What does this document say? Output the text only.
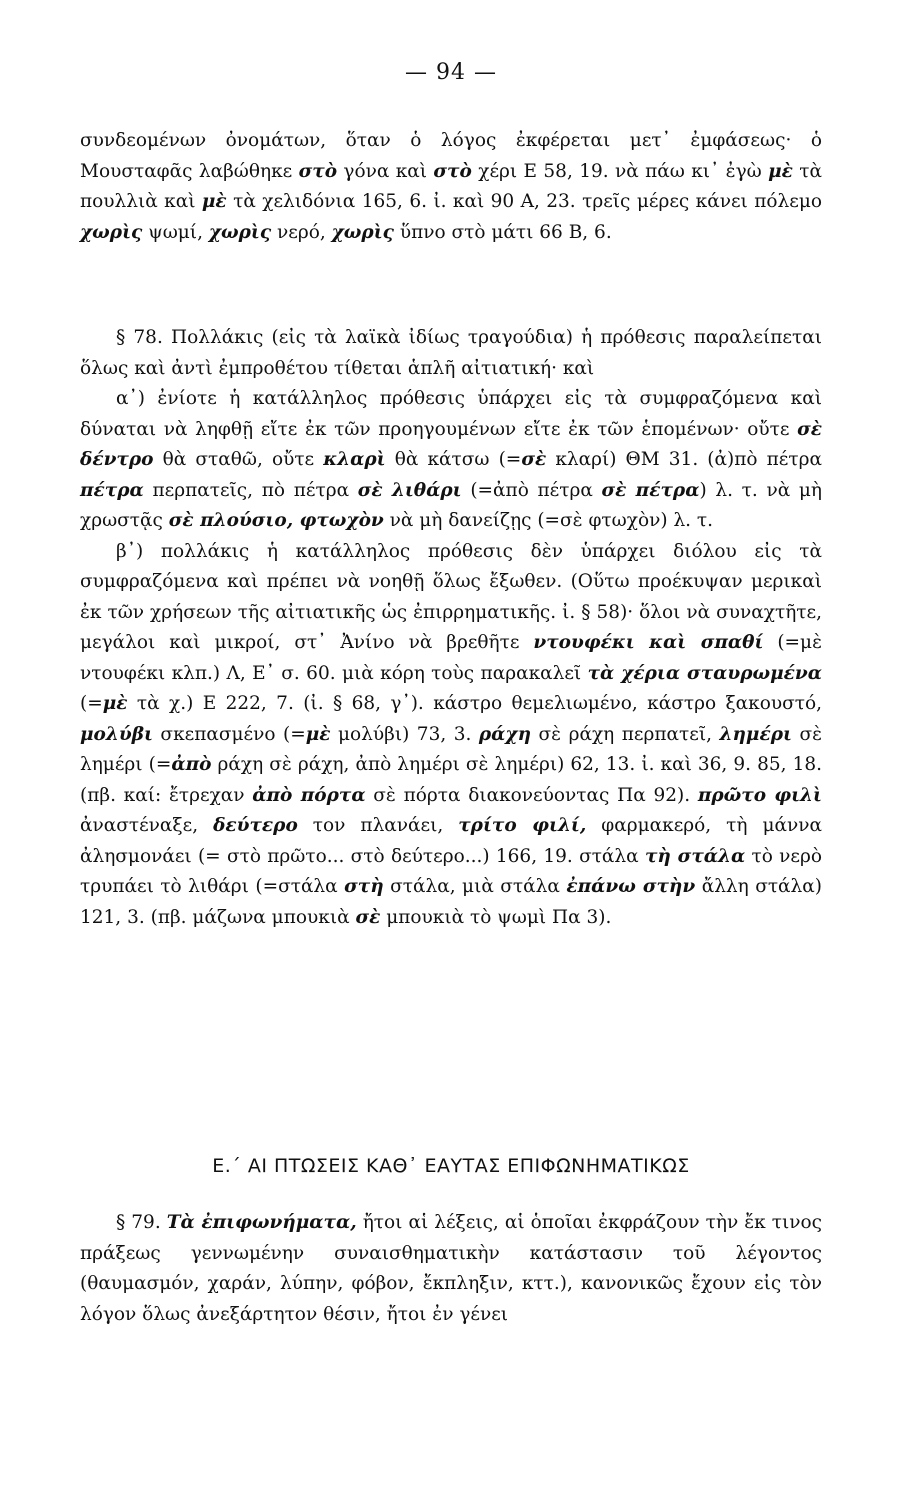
— 94 —

συνδεομένων ὀνομάτων, ὅταν ὁ λόγος ἐκφέρεται μετ᾽ ἐμφάσεως· ὁ Μουσταφᾶς λαβώθηκε στὸ γόνα καὶ στὸ χέρι Ε 58, 19. νὰ πάω κι᾽ ἐγὼ μὲ τὰ πουλλιὰ καὶ μὲ τὰ χελιδόνια 165, 6. ἰ. καὶ 90 Α, 23. τρεῖς μέρες κάνει πόλεμο χωρὶς ψωμί, χωρὶς νερό, χωρὶς ὕπνο στὸ μάτι 66 Β, 6.

§ 78. Πολλάκις (εἰς τὰ λαϊκὰ ἰδίως τραγούδια) ἡ πρόθεσις παραλείπεται ὅλως καὶ ἀντὶ ἐμπροθέτου τίθεται ἁπλῆ αἰτιατική· καὶ

α᾽) ἐνίοτε ἡ κατάλληλος πρόθεσις ὑπάρχει εἰς τὰ συμφραζόμενα καὶ δύναται νὰ ληφθῇ εἴτε ἐκ τῶν προηγουμένων εἴτε ἐκ τῶν ἑπομένων· οὔτε σὲ δέντρο θὰ σταθῶ, οὔτε κλαρὶ θὰ κάτσω (=σὲ κλαρί) ΘΜ 31. (ἀ)πὸ πέτρα πέτρα περπατεῖς, πὸ πέτρα σὲ λιθάρι (=ἀπὸ πέτρα σὲ πέτρα) λ. τ. νὰ μὴ χρωστᾷς σὲ πλούσιο, φτωχὸν νὰ μὴ δανείζῃς (=σὲ φτωχὸν) λ. τ.

β᾽) πολλάκις ἡ κατάλληλος πρόθεσις δὲν ὑπάρχει διόλου εἰς τὰ συμφραζόμενα καὶ πρέπει νὰ νοηθῇ ὅλως ἔξωθεν. (Οὕτω προέκυψαν μερικαὶ ἐκ τῶν χρήσεων τῆς αἰτιατικῆς ὡς ἐπιρρηματικῆς. ἰ. § 58)· ὅλοι νὰ συναχτῆτε, μεγάλοι καὶ μικροί, στ᾽ Ἀνίνο νὰ βρεθῆτε ντουφέκι καὶ σπαθί (=μὲ ντουφέκι κλπ.) Λ, Ε᾽ σ. 60. μιὰ κόρη τοὺς παρακαλεῖ τὰ χέρια σταυρωμένα (=μὲ τὰ χ.) Ε 222, 7. (ἰ. § 68, γ᾽). κάστρο θεμελιωμένο, κάστρο ξακουστό, μολύβι σκεπασμένο (=μὲ μολύβι) 73, 3. ράχη σὲ ράχη περπατεῖ, λημέρι σὲ λημέρι (=ἀπὸ ράχη σὲ ράχη, ἀπὸ λημέρι σὲ λημέρι) 62, 13. ἰ. καὶ 36, 9. 85, 18. (πβ. καί: ἔτρεχαν ἀπὸ πόρτα σὲ πόρτα διακονεύοντας Πα 92). πρῶτο φιλὶ ἀναστέναξε, δεύτερο τον πλανάει, τρίτο φιλί, φαρμακερό, τὴ μάννα ἀλησμονάει (= στὸ πρῶτο... στὸ δεύτερο...) 166, 19. στάλα τὴ στάλα τὸ νερὸ τρυπάει τὸ λιθάρι (=στάλα στὴ στάλα, μιὰ στάλα ἐπάνω στὴν ἄλλη στάλα) 121, 3. (πβ. μάζωνα μπουκιὰ σὲ μπουκιὰ τὸ ψωμὶ Πα 3).

Ε.΄ ΑΙ ΠΤΩΣΕΙΣ ΚΑΘ᾽ ΕΑΥΤΑΣ ΕΠΙΦΩΝΗΜΑΤΙΚΩΣ

§ 79. Τὰ ἐπιφωνήματα, ἤτοι αἱ λέξεις, αἱ ὁποῖαι ἐκφράζουν τὴν ἔκ τινος πράξεως γεννωμένην συναισθηματικὴν κατάστασιν τοῦ λέγοντος (θαυμασμόν, χαράν, λύπην, φόβον, ἔκπληξιν, κττ.), κανονικῶς ἔχουν εἰς τὸν λόγον ὅλως ἀνεξάρτητον θέσιν, ἤτοι ἐν γένει
